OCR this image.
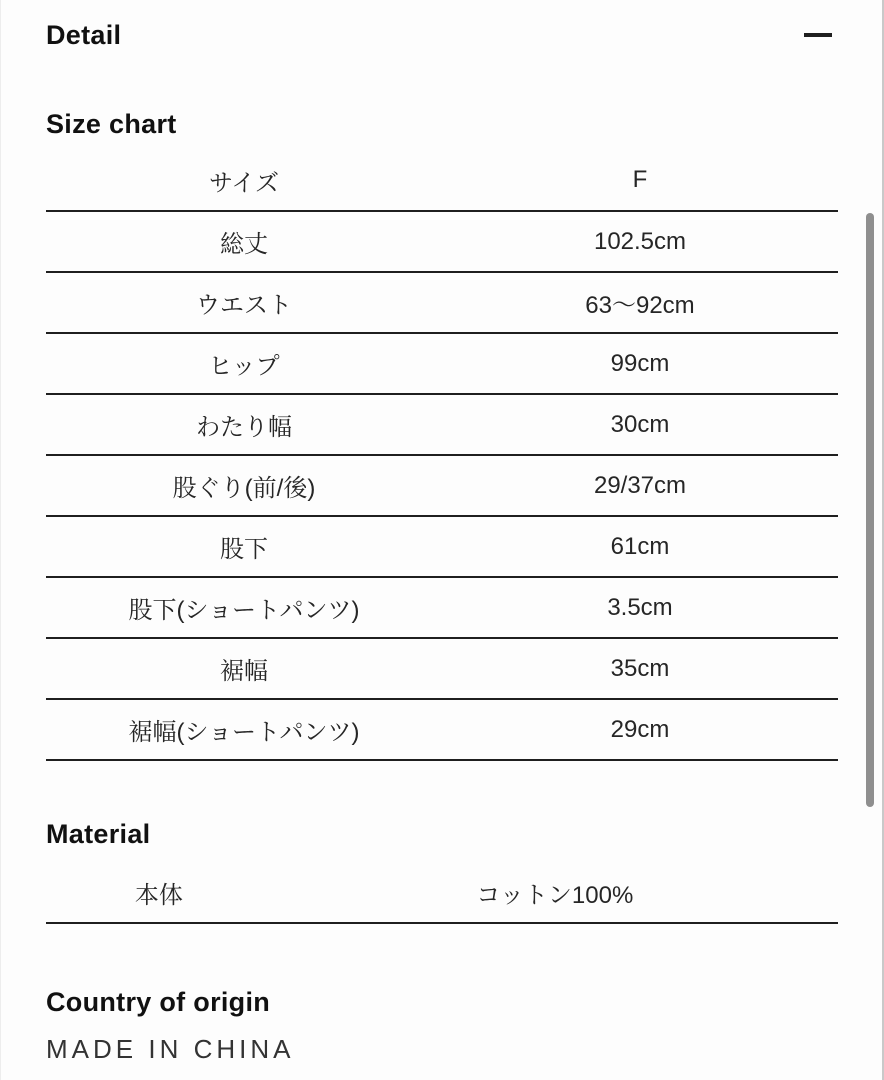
Detail
Size chart
サイズ	F
総丈	102.5cm
ウエスト	63〜92cm
ヒップ	99cm
わたり幅	30cm
股ぐり(前/後)	29/37cm
股下	61cm
股下(ショートパンツ)	3.5cm
裾幅	35cm
裾幅(ショートパンツ)	29cm
Material
本体	コットン100%
Country of origin
MADE IN CHINA
